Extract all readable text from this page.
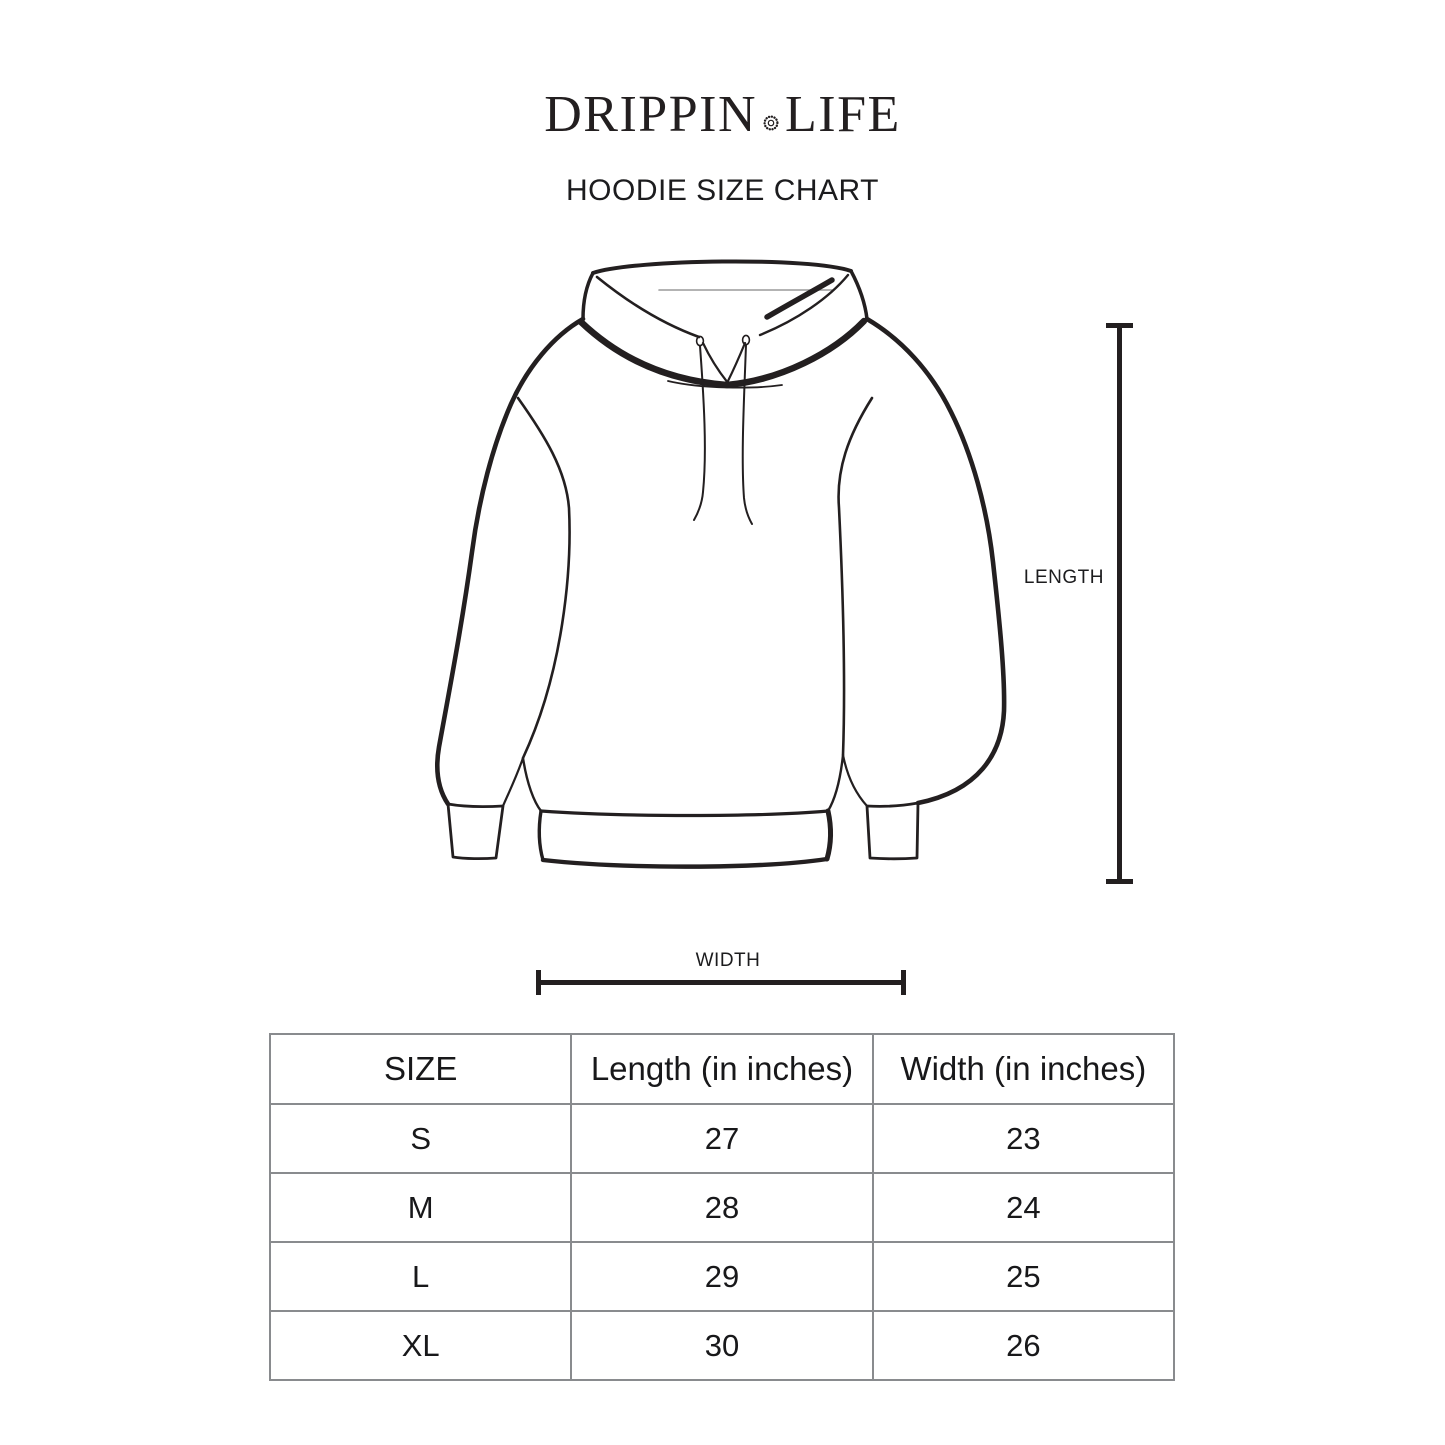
DRIPPIN LIFE
HOODIE SIZE CHART
LENGTH
WIDTH
SIZE	Length (in inches)	Width (in inches)
S	27	23
M	28	24
L	29	25
XL	30	26
